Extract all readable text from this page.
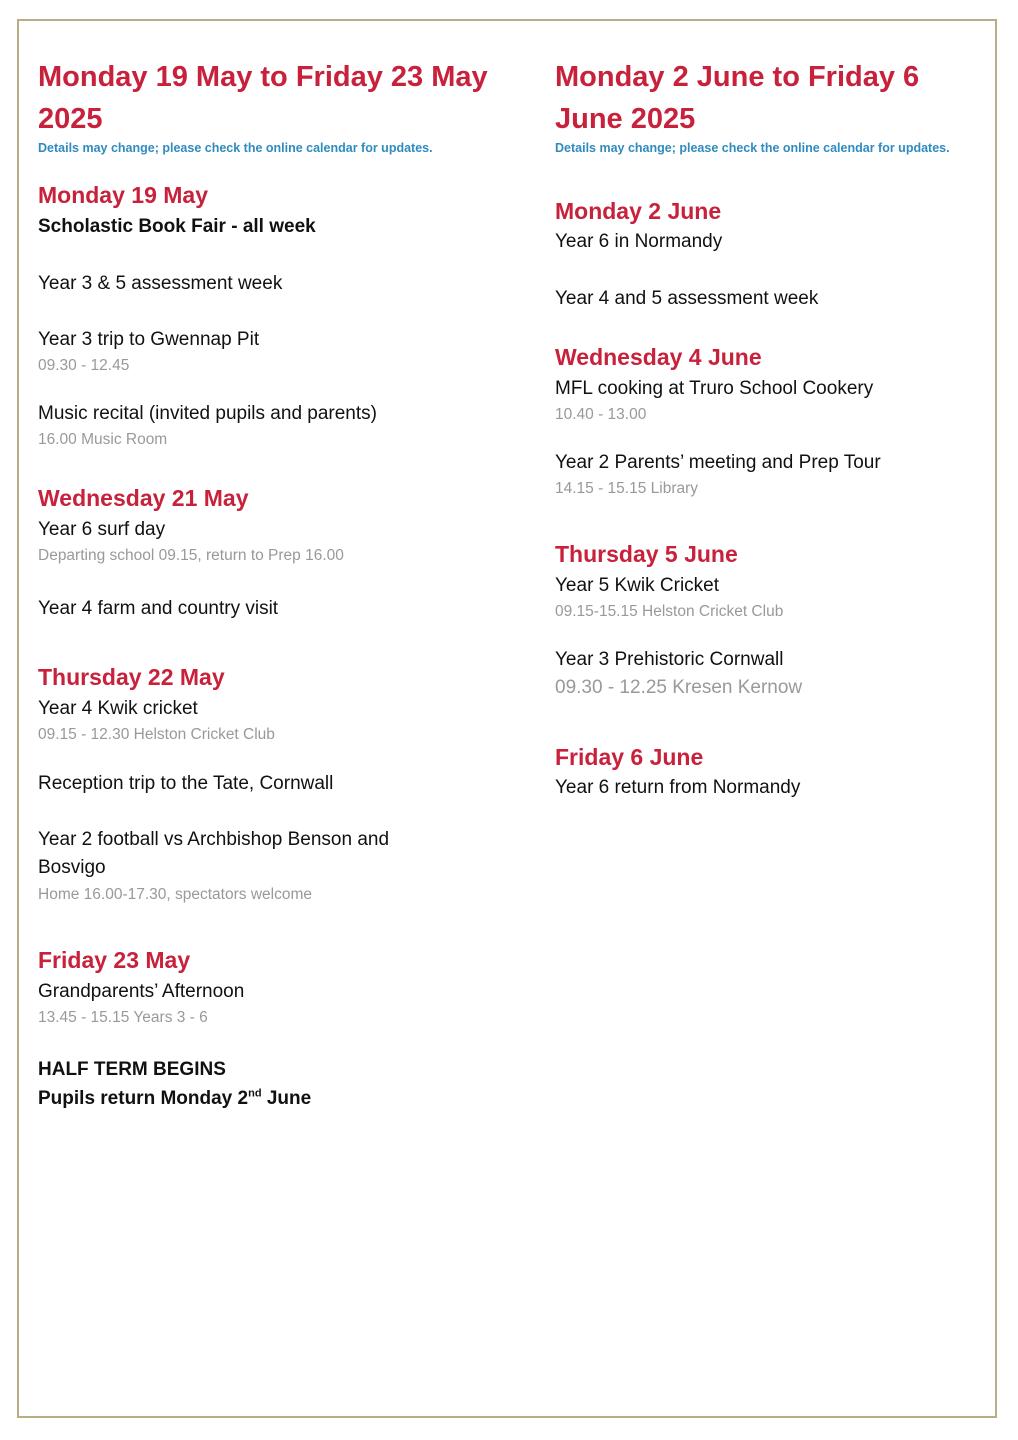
Monday 19 May to Friday 23 May 2025

Details may change; please check the online calendar for updates.

Monday 19 May
Scholastic Book Fair - all week
Year 3 & 5 assessment week
Year 3 trip to Gwennap Pit
09.30 - 12.45
Music recital (invited pupils and parents)
16.00 Music Room
Wednesday 21 May
Year 6 surf day
Departing school 09.15, return to Prep 16.00
Year 4 farm and country visit
Thursday 22 May
Year 4 Kwik cricket
09.15 - 12.30 Helston Cricket Club
Reception trip to the Tate, Cornwall
Year 2 football vs Archbishop Benson and Bosvigo
Home 16.00-17.30, spectators welcome
Friday 23 May
Grandparents’ Afternoon
13.45 - 15.15 Years 3 - 6
HALF TERM BEGINS
Pupils return Monday 2nd June
Monday 2 June to Friday 6 June 2025

Details may change; please check the online calendar for updates.

Monday 2 June
Year 6 in Normandy
Year 4 and 5 assessment week
Wednesday 4 June
MFL cooking at Truro School Cookery
10.40 - 13.00
Year 2 Parents’ meeting and Prep Tour
14.15 - 15.15 Library
Thursday 5 June
Year 5 Kwik Cricket
09.15-15.15 Helston Cricket Club
Year 3 Prehistoric Cornwall
09.30 - 12.25 Kresen Kernow
Friday 6 June
Year 6 return from Normandy
